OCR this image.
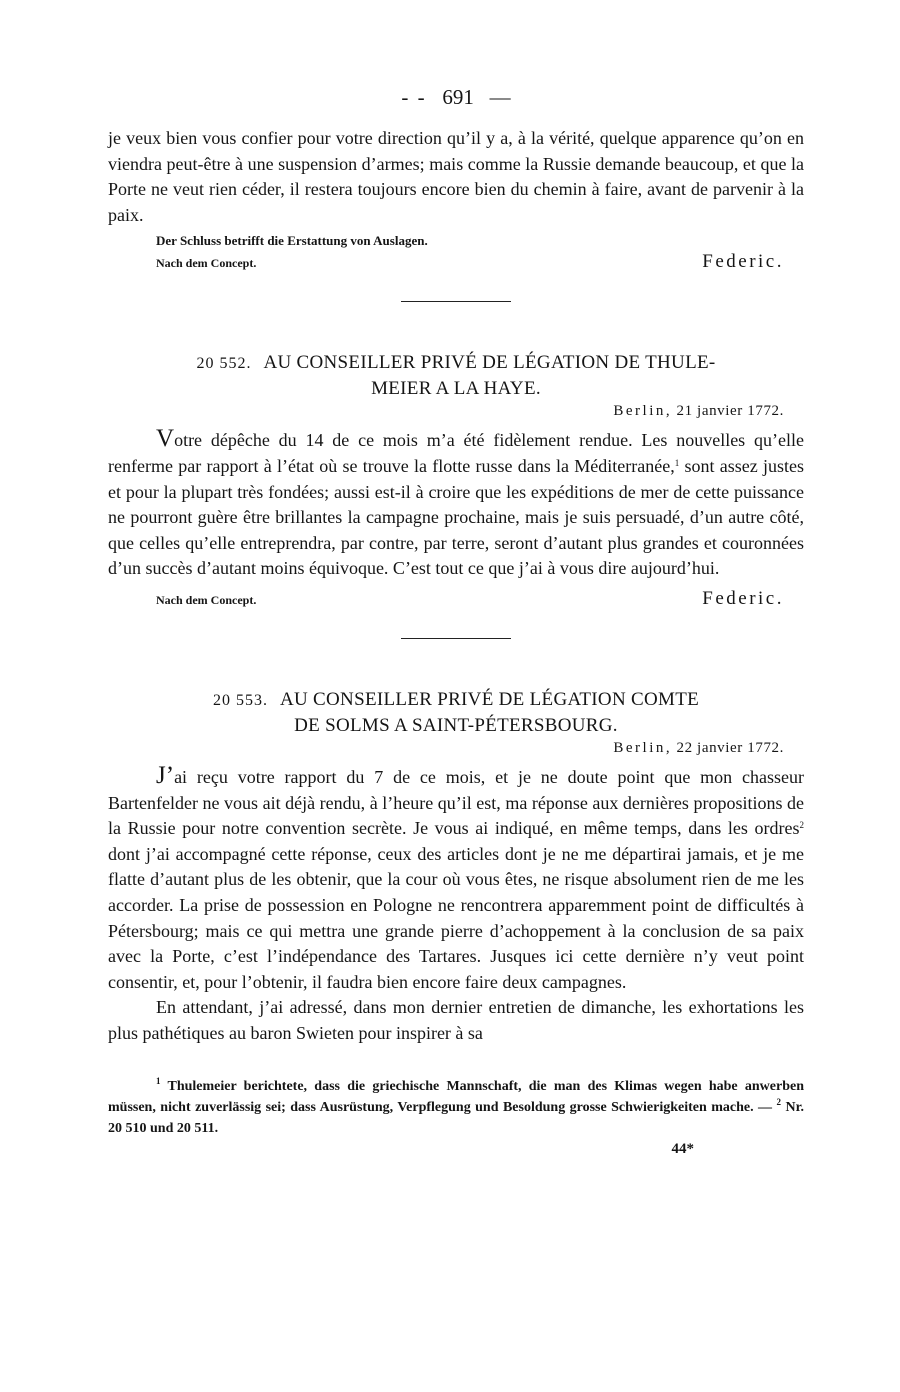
- - 691 —

je veux bien vous confier pour votre direction qu’il y a, à la vérité, quelque apparence qu’on en viendra peut-être à une suspension d’armes; mais comme la Russie demande beaucoup, et que la Porte ne veut rien céder, il restera toujours encore bien du chemin à faire, avant de parvenir à la paix.

Der Schluss betrifft die Erstattung von Auslagen.
Nach dem Concept.	Federic.
20 552. AU CONSEILLER PRIVÉ DE LÉGATION DE THULE-
MEIER A LA HAYE.
Berlin, 21 janvier 1772.

Votre dépêche du 14 de ce mois m’a été fidèlement rendue. Les nouvelles qu’elle renferme par rapport à l’état où se trouve la flotte russe dans la Méditerranée,$^1$ sont assez justes et pour la plupart très fondées; aussi est-il à croire que les expéditions de mer de cette puissance ne pourront guère être brillantes la campagne prochaine, mais je suis persuadé, d’un autre côté, que celles qu’elle entreprendra, par contre, par terre, seront d’autant plus grandes et couronnées d’un succès d’autant moins équivoque. C’est tout ce que j’ai à vous dire aujourd’hui.

Nach dem Concept.	Federic.
20 553. AU CONSEILLER PRIVÉ DE LÉGATION COMTE
DE SOLMS A SAINT-PÉTERSBOURG.
Berlin, 22 janvier 1772.

J’ai reçu votre rapport du 7 de ce mois, et je ne doute point que mon chasseur Bartenfelder ne vous ait déjà rendu, à l’heure qu’il est, ma réponse aux dernières propositions de la Russie pour notre convention secrète. Je vous ai indiqué, en même temps, dans les ordres$^2$ dont j’ai accompagné cette réponse, ceux des articles dont je ne me départirai jamais, et je me flatte d’autant plus de les obtenir, que la cour où vous êtes, ne risque absolument rien de me les accorder. La prise de possession en Pologne ne rencontrera apparemment point de difficultés à Pétersbourg; mais ce qui mettra une grande pierre d’achoppement à la conclusion de sa paix avec la Porte, c’est l’indépendance des Tartares. Jusques ici cette dernière n’y veut point consentir, et, pour l’obtenir, il faudra bien encore faire deux campagnes.

En attendant, j’ai adressé, dans mon dernier entretien de dimanche, les exhortations les plus pathétiques au baron Swieten pour inspirer à sa

$^1$ Thulemeier berichtete, dass die griechische Mannschaft, die man des Klimas wegen habe anwerben müssen, nicht zuverlässig sei; dass Ausrüstung, Verpflegung und Besoldung grosse Schwierigkeiten mache. — $^2$ Nr. 20 510 und 20 511.

44*
